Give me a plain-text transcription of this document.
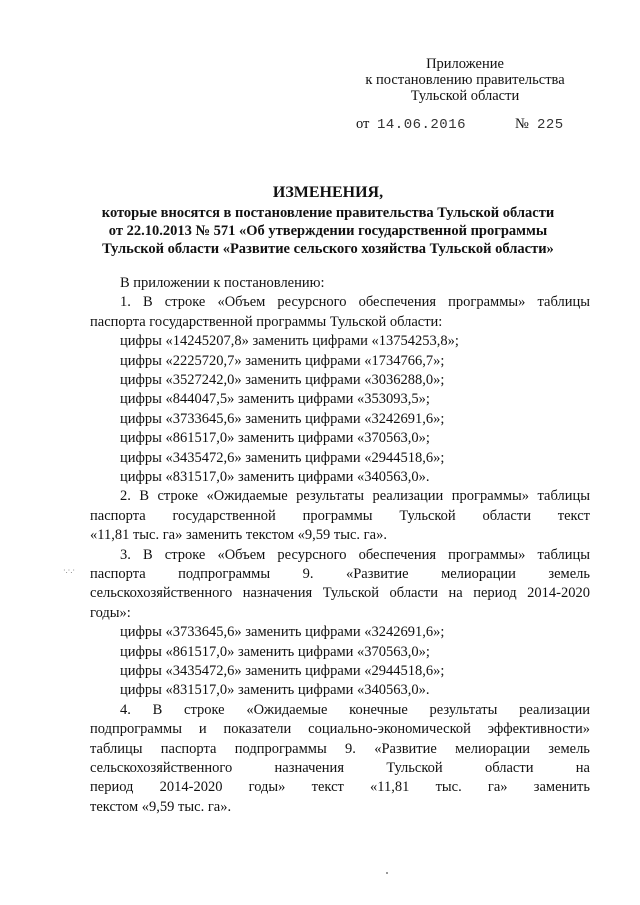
Приложение
к постановлению правительства
Тульской области
от 14.06.2016	№ 225
ИЗМЕНЕНИЯ,
которые вносятся в постановление правительства Тульской области
от 22.10.2013 № 571 «Об утверждении государственной программы
Тульской области «Развитие сельского хозяйства Тульской области»
В приложении к постановлению:
1. В строке «Объем ресурсного обеспечения программы» таблицы
паспорта государственной программы Тульской области:
цифры «14245207,8» заменить цифрами «13754253,8»;
цифры «2225720,7» заменить цифрами «1734766,7»;
цифры «3527242,0» заменить цифрами «3036288,0»;
цифры «844047,5» заменить цифрами «353093,5»;
цифры «3733645,6» заменить цифрами «3242691,6»;
цифры «861517,0» заменить цифрами «370563,0»;
цифры «3435472,6» заменить цифрами «2944518,6»;
цифры «831517,0» заменить цифрами «340563,0».
2. В строке «Ожидаемые результаты реализации программы» таблицы
паспорта государственной программы Тульской области текст
«11,81 тыс. га» заменить текстом «9,59 тыс. га».
3. В строке «Объем ресурсного обеспечения программы» таблицы
паспорта подпрограммы 9. «Развитие мелиорации земель
сельскохозяйственного назначения Тульской области на период 2014-2020
годы»:
цифры «3733645,6» заменить цифрами «3242691,6»;
цифры «861517,0» заменить цифрами «370563,0»;
цифры «3435472,6» заменить цифрами «2944518,6»;
цифры «831517,0» заменить цифрами «340563,0».
4. В строке «Ожидаемые конечные результаты реализации
подпрограммы и показатели социально-экономической эффективности»
таблицы паспорта подпрограммы 9. «Развитие мелиорации земель
сельскохозяйственного	назначения	Тульской	области	на
период 2014-2020 годы» текст «11,81 тыс. га» заменить
текстом «9,59 тыс. га».
·.·.·
